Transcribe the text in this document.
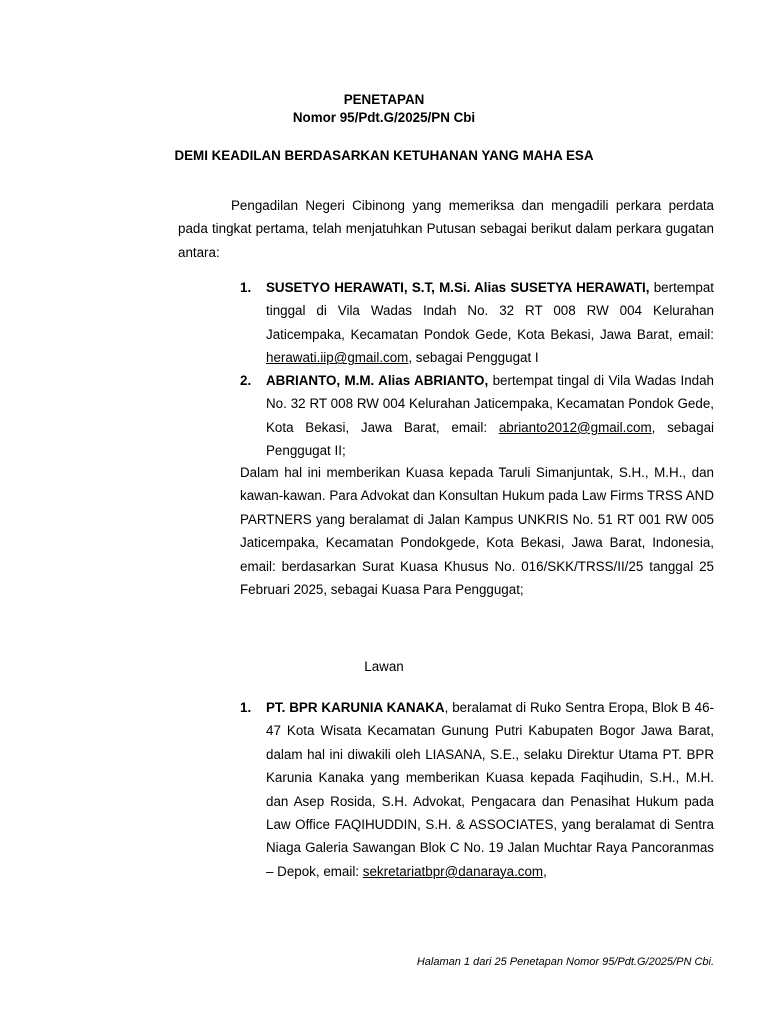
PENETAPAN
Nomor 95/Pdt.G/2025/PN Cbi
DEMI KEADILAN BERDASARKAN KETUHANAN YANG MAHA ESA

Pengadilan Negeri Cibinong yang memeriksa dan mengadili perkara perdata pada tingkat pertama, telah menjatuhkan Putusan sebagai berikut dalam perkara gugatan antara:

1. SUSETYO HERAWATI, S.T, M.Si. Alias SUSETYA HERAWATI, bertempat tinggal di Vila Wadas Indah No. 32 RT 008 RW 004 Kelurahan Jaticempaka, Kecamatan Pondok Gede, Kota Bekasi, Jawa Barat, email: herawati.iip@gmail.com, sebagai Penggugat I
2. ABRIANTO, M.M. Alias ABRIANTO, bertempat tingal di Vila Wadas Indah No. 32 RT 008 RW 004 Kelurahan Jaticempaka, Kecamatan Pondok Gede, Kota Bekasi, Jawa Barat, email: abrianto2012@gmail.com, sebagai Penggugat II;

Dalam hal ini memberikan Kuasa kepada Taruli Simanjuntak, S.H., M.H., dan kawan-kawan. Para Advokat dan Konsultan Hukum pada Law Firms TRSS AND PARTNERS yang beralamat di Jalan Kampus UNKRIS No. 51 RT 001 RW 005 Jaticempaka, Kecamatan Pondokgede, Kota Bekasi, Jawa Barat, Indonesia, email: berdasarkan Surat Kuasa Khusus No. 016/SKK/TRSS/II/25 tanggal 25 Februari 2025, sebagai Kuasa Para Penggugat;

Lawan
1. PT. BPR KARUNIA KANAKA, beralamat di Ruko Sentra Eropa, Blok B 46-47 Kota Wisata Kecamatan Gunung Putri Kabupaten Bogor Jawa Barat, dalam hal ini diwakili oleh LIASANA, S.E., selaku Direktur Utama PT. BPR Karunia Kanaka yang memberikan Kuasa kepada Faqihudin, S.H., M.H. dan Asep Rosida, S.H. Advokat, Pengacara dan Penasihat Hukum pada Law Office FAQIHUDDIN, S.H. & ASSOCIATES, yang beralamat di Sentra Niaga Galeria Sawangan Blok C No. 19 Jalan Muchtar Raya Pancoranmas – Depok, email: sekretariatbpr@danaraya.com,
Halaman 1 dari 25 Penetapan Nomor 95/Pdt.G/2025/PN Cbi.
